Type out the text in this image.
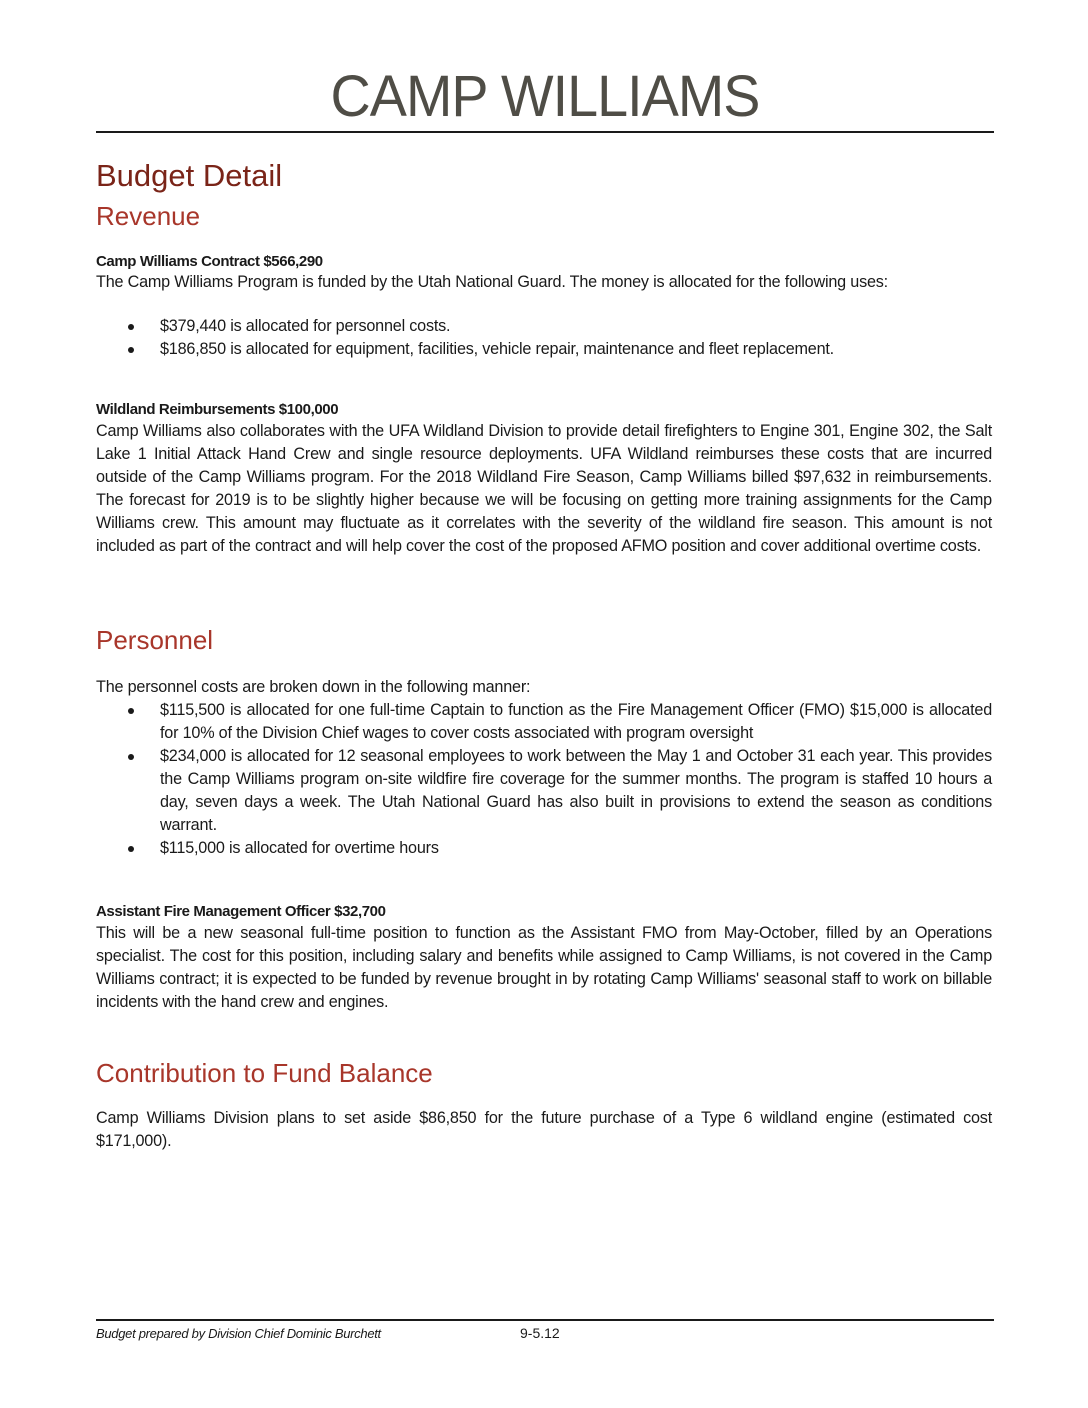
CAMP WILLIAMS
Budget Detail
Revenue
Camp Williams Contract $566,290
The Camp Williams Program is funded by the Utah National Guard. The money is allocated for the following uses:
$379,440 is allocated for personnel costs.
$186,850 is allocated for equipment, facilities, vehicle repair, maintenance and fleet replacement.
Wildland Reimbursements $100,000
Camp Williams also collaborates with the UFA Wildland Division to provide detail firefighters to Engine 301, Engine 302, the Salt Lake 1 Initial Attack Hand Crew and single resource deployments. UFA Wildland reimburses these costs that are incurred outside of the Camp Williams program. For the 2018 Wildland Fire Season, Camp Williams billed $97,632 in reimbursements. The forecast for 2019 is to be slightly higher because we will be focusing on getting more training assignments for the Camp Williams crew. This amount may fluctuate as it correlates with the severity of the wildland fire season. This amount is not included as part of the contract and will help cover the cost of the proposed AFMO position and cover additional overtime costs.
Personnel
The personnel costs are broken down in the following manner:
$115,500 is allocated for one full-time Captain to function as the Fire Management Officer (FMO) $15,000 is allocated for 10% of the Division Chief wages to cover costs associated with program oversight
$234,000 is allocated for 12 seasonal employees to work between the May 1 and October 31 each year. This provides the Camp Williams program on-site wildfire fire coverage for the summer months. The program is staffed 10 hours a day, seven days a week. The Utah National Guard has also built in provisions to extend the season as conditions warrant.
$115,000 is allocated for overtime hours
Assistant Fire Management Officer $32,700
This will be a new seasonal full-time position to function as the Assistant FMO from May-October, filled by an Operations specialist. The cost for this position, including salary and benefits while assigned to Camp Williams, is not covered in the Camp Williams contract; it is expected to be funded by revenue brought in by rotating Camp Williams' seasonal staff to work on billable incidents with the hand crew and engines.
Contribution to Fund Balance
Camp Williams Division plans to set aside $86,850 for the future purchase of a Type 6 wildland engine (estimated cost $171,000).
Budget prepared by Division Chief Dominic Burchett	9-5.12
